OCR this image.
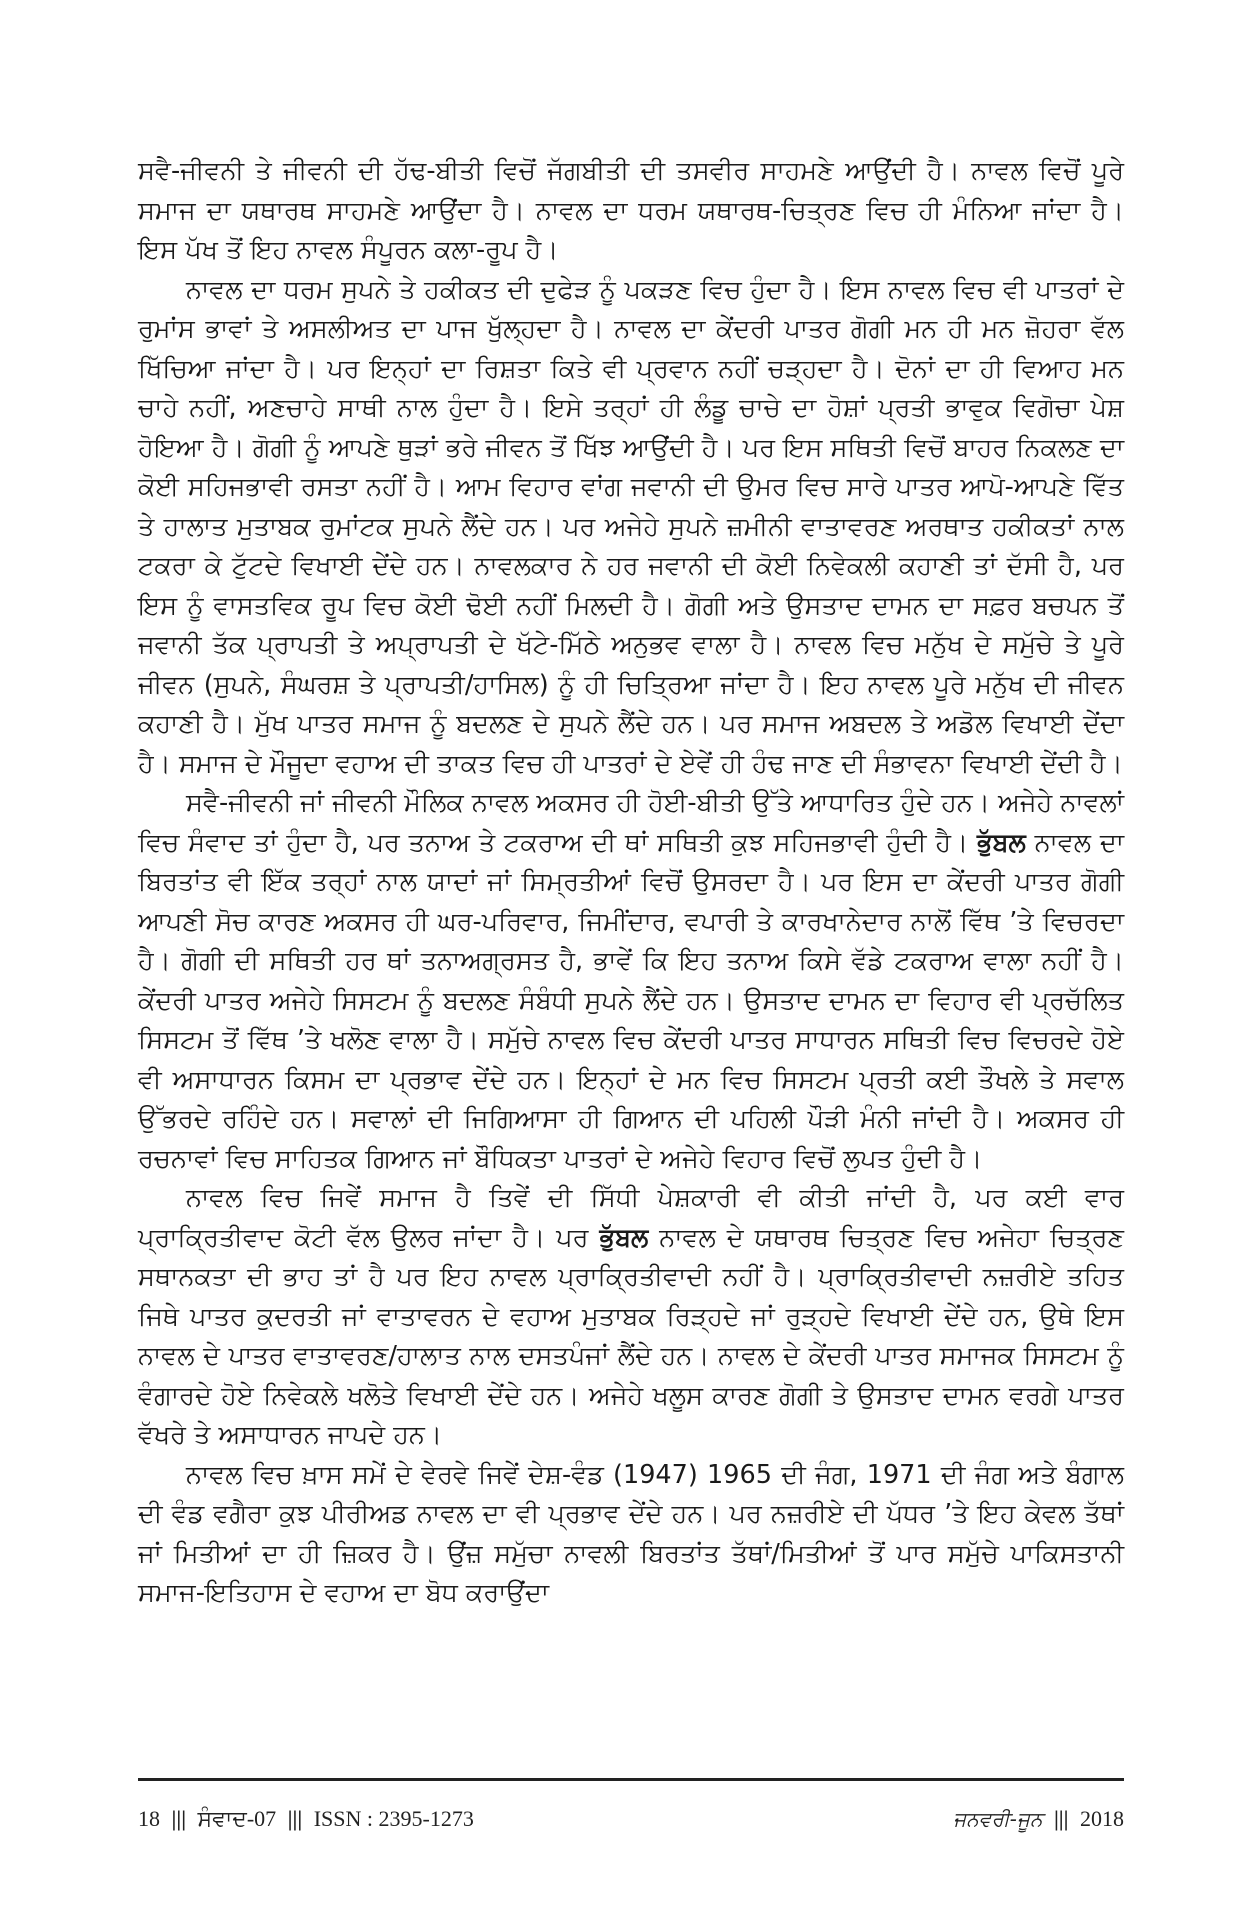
ਸਵੈ-ਜੀਵਨੀ ਤੇ ਜੀਵਨੀ ਦੀ ਹੱਢ-ਬੀਤੀ ਵਿਚੋਂ ਜੱਗਬੀਤੀ ਦੀ ਤਸਵੀਰ ਸਾਹਮਣੇ ਆਉਂਦੀ ਹੈ। ਨਾਵਲ ਵਿਚੋਂ ਪੂਰੇ ਸਮਾਜ ਦਾ ਯਥਾਰਥ ਸਾਹਮਣੇ ਆਉਂਦਾ ਹੈ। ਨਾਵਲ ਦਾ ਧਰਮ ਯਥਾਰਥ-ਚਿਤ੍ਰਣ ਵਿਚ ਹੀ ਮੰਨਿਆ ਜਾਂਦਾ ਹੈ। ਇਸ ਪੱਖ ਤੋਂ ਇਹ ਨਾਵਲ ਸੰਪੂਰਨ ਕਲਾ-ਰੂਪ ਹੈ।

ਨਾਵਲ ਦਾ ਧਰਮ ਸੁਪਨੇ ਤੇ ਹਕੀਕਤ ਦੀ ਦੁਫੇੜ ਨੂੰ ਪਕੜਣ ਵਿਚ ਹੁੰਦਾ ਹੈ। ਇਸ ਨਾਵਲ ਵਿਚ ਵੀ ਪਾਤਰਾਂ ਦੇ ਰੁਮਾਂਸ ਭਾਵਾਂ ਤੇ ਅਸਲੀਅਤ ਦਾ ਪਾਜ ਖੁੱਲ੍ਹਦਾ ਹੈ। ਨਾਵਲ ਦਾ ਕੇਂਦਰੀ ਪਾਤਰ ਗੋਗੀ ਮਨ ਹੀ ਮਨ ਜ਼ੋਹਰਾ ਵੱਲ ਖਿੱਚਿਆ ਜਾਂਦਾ ਹੈ। ਪਰ ਇਨ੍ਹਾਂ ਦਾ ਰਿਸ਼ਤਾ ਕਿਤੇ ਵੀ ਪ੍ਰਵਾਨ ਨਹੀਂ ਚੜ੍ਹਦਾ ਹੈ। ਦੋਨਾਂ ਦਾ ਹੀ ਵਿਆਹ ਮਨ ਚਾਹੇ ਨਹੀਂ, ਅਣਚਾਹੇ ਸਾਥੀ ਨਾਲ ਹੁੰਦਾ ਹੈ। ਇਸੇ ਤਰ੍ਹਾਂ ਹੀ ਲੰਡੂ ਚਾਚੇ ਦਾ ਹੋਸ਼ਾਂ ਪ੍ਰਤੀ ਭਾਵੁਕ ਵਿਗੋਚਾ ਪੇਸ਼ ਹੋਇਆ ਹੈ। ਗੋਗੀ ਨੂੰ ਆਪਣੇ ਥੁੜਾਂ ਭਰੇ ਜੀਵਨ ਤੋਂ ਖਿੱਝ ਆਉਂਦੀ ਹੈ। ਪਰ ਇਸ ਸਥਿਤੀ ਵਿਚੋਂ ਬਾਹਰ ਨਿਕਲਣ ਦਾ ਕੋਈ ਸਹਿਜਭਾਵੀ ਰਸਤਾ ਨਹੀਂ ਹੈ। ਆਮ ਵਿਹਾਰ ਵਾਂਗ ਜਵਾਨੀ ਦੀ ਉਮਰ ਵਿਚ ਸਾਰੇ ਪਾਤਰ ਆਪੋ-ਆਪਣੇ ਵਿੱਤ ਤੇ ਹਾਲਾਤ ਮੁਤਾਬਕ ਰੁਮਾਂਟਕ ਸੁਪਨੇ ਲੈਂਦੇ ਹਨ। ਪਰ ਅਜੇਹੇ ਸੁਪਨੇ ਜ਼ਮੀਨੀ ਵਾਤਾਵਰਣ ਅਰਥਾਤ ਹਕੀਕਤਾਂ ਨਾਲ ਟਕਰਾ ਕੇ ਟੁੱਟਦੇ ਵਿਖਾਈ ਦੇਂਦੇ ਹਨ। ਨਾਵਲਕਾਰ ਨੇ ਹਰ ਜਵਾਨੀ ਦੀ ਕੋਈ ਨਿਵੇਕਲੀ ਕਹਾਣੀ ਤਾਂ ਦੱਸੀ ਹੈ, ਪਰ ਇਸ ਨੂੰ ਵਾਸਤਵਿਕ ਰੂਪ ਵਿਚ ਕੋਈ ਢੋਈ ਨਹੀਂ ਮਿਲਦੀ ਹੈ। ਗੋਗੀ ਅਤੇ ਉਸਤਾਦ ਦਾਮਨ ਦਾ ਸਫ਼ਰ ਬਚਪਨ ਤੋਂ ਜਵਾਨੀ ਤੱਕ ਪ੍ਰਾਪਤੀ ਤੇ ਅਪ੍ਰਾਪਤੀ ਦੇ ਖੱਟੇ-ਮਿੱਠੇ ਅਨੁਭਵ ਵਾਲਾ ਹੈ। ਨਾਵਲ ਵਿਚ ਮਨੁੱਖ ਦੇ ਸਮੁੱਚੇ ਤੇ ਪੂਰੇ ਜੀਵਨ (ਸੁਪਨੇ, ਸੰਘਰਸ਼ ਤੇ ਪ੍ਰਾਪਤੀ/ਹਾਸਿਲ) ਨੂੰ ਹੀ ਚਿਤ੍ਰਿਆ ਜਾਂਦਾ ਹੈ। ਇਹ ਨਾਵਲ ਪੂਰੇ ਮਨੁੱਖ ਦੀ ਜੀਵਨ ਕਹਾਣੀ ਹੈ। ਮੁੱਖ ਪਾਤਰ ਸਮਾਜ ਨੂੰ ਬਦਲਣ ਦੇ ਸੁਪਨੇ ਲੈਂਦੇ ਹਨ। ਪਰ ਸਮਾਜ ਅਬਦਲ ਤੇ ਅਡੋਲ ਵਿਖਾਈ ਦੇਂਦਾ ਹੈ। ਸਮਾਜ ਦੇ ਮੌਜੂਦਾ ਵਹਾਅ ਦੀ ਤਾਕਤ ਵਿਚ ਹੀ ਪਾਤਰਾਂ ਦੇ ਏਵੇਂ ਹੀ ਹੰਢ ਜਾਣ ਦੀ ਸੰਭਾਵਨਾ ਵਿਖਾਈ ਦੇਂਦੀ ਹੈ।

ਸਵੈ-ਜੀਵਨੀ ਜਾਂ ਜੀਵਨੀ ਮੌਲਿਕ ਨਾਵਲ ਅਕਸਰ ਹੀ ਹੋਈ-ਬੀਤੀ ਉੱਤੇ ਆਧਾਰਿਤ ਹੁੰਦੇ ਹਨ। ਅਜੇਹੇ ਨਾਵਲਾਂ ਵਿਚ ਸੰਵਾਦ ਤਾਂ ਹੁੰਦਾ ਹੈ, ਪਰ ਤਨਾਅ ਤੇ ਟਕਰਾਅ ਦੀ ਥਾਂ ਸਥਿਤੀ ਕੁਝ ਸਹਿਜਭਾਵੀ ਹੁੰਦੀ ਹੈ। ਭੁੱਬਲ ਨਾਵਲ ਦਾ ਬਿਰਤਾਂਤ ਵੀ ਇੱਕ ਤਰ੍ਹਾਂ ਨਾਲ ਯਾਦਾਂ ਜਾਂ ਸਿਮ੍ਰਤੀਆਂ ਵਿਚੋਂ ਉਸਰਦਾ ਹੈ। ਪਰ ਇਸ ਦਾ ਕੇਂਦਰੀ ਪਾਤਰ ਗੋਗੀ ਆਪਣੀ ਸੋਚ ਕਾਰਣ ਅਕਸਰ ਹੀ ਘਰ-ਪਰਿਵਾਰ, ਜਿਮੀਂਦਾਰ, ਵਪਾਰੀ ਤੇ ਕਾਰਖਾਨੇਦਾਰ ਨਾਲੋਂ ਵਿੱਥ ’ਤੇ ਵਿਚਰਦਾ ਹੈ। ਗੋਗੀ ਦੀ ਸਥਿਤੀ ਹਰ ਥਾਂ ਤਨਾਅਗ੍ਰਸਤ ਹੈ, ਭਾਵੇਂ ਕਿ ਇਹ ਤਨਾਅ ਕਿਸੇ ਵੱਡੇ ਟਕਰਾਅ ਵਾਲਾ ਨਹੀਂ ਹੈ। ਕੇਂਦਰੀ ਪਾਤਰ ਅਜੇਹੇ ਸਿਸਟਮ ਨੂੰ ਬਦਲਣ ਸੰਬੰਧੀ ਸੁਪਨੇ ਲੈਂਦੇ ਹਨ। ਉਸਤਾਦ ਦਾਮਨ ਦਾ ਵਿਹਾਰ ਵੀ ਪ੍ਰਚੱਲਿਤ ਸਿਸਟਮ ਤੋਂ ਵਿੱਥ ’ਤੇ ਖਲੋਣ ਵਾਲਾ ਹੈ। ਸਮੁੱਚੇ ਨਾਵਲ ਵਿਚ ਕੇਂਦਰੀ ਪਾਤਰ ਸਾਧਾਰਨ ਸਥਿਤੀ ਵਿਚ ਵਿਚਰਦੇ ਹੋਏ ਵੀ ਅਸਾਧਾਰਨ ਕਿਸਮ ਦਾ ਪ੍ਰਭਾਵ ਦੇਂਦੇ ਹਨ। ਇਨ੍ਹਾਂ ਦੇ ਮਨ ਵਿਚ ਸਿਸਟਮ ਪ੍ਰਤੀ ਕਈ ਤੌਖਲੇ ਤੇ ਸਵਾਲ ਉੱਭਰਦੇ ਰਹਿੰਦੇ ਹਨ। ਸਵਾਲਾਂ ਦੀ ਜਿਗਿਆਸਾ ਹੀ ਗਿਆਨ ਦੀ ਪਹਿਲੀ ਪੌੜੀ ਮੰਨੀ ਜਾਂਦੀ ਹੈ। ਅਕਸਰ ਹੀ ਰਚਨਾਵਾਂ ਵਿਚ ਸਾਹਿਤਕ ਗਿਆਨ ਜਾਂ ਬੌਧਿਕਤਾ ਪਾਤਰਾਂ ਦੇ ਅਜੇਹੇ ਵਿਹਾਰ ਵਿਚੋਂ ਲੁਪਤ ਹੁੰਦੀ ਹੈ।

ਨਾਵਲ ਵਿਚ ਜਿਵੇਂ ਸਮਾਜ ਹੈ ਤਿਵੇਂ ਦੀ ਸਿੱਧੀ ਪੇਸ਼ਕਾਰੀ ਵੀ ਕੀਤੀ ਜਾਂਦੀ ਹੈ, ਪਰ ਕਈ ਵਾਰ ਪ੍ਰਾਕ੍ਰਿਤੀਵਾਦ ਕੋਟੀ ਵੱਲ ਉਲਰ ਜਾਂਦਾ ਹੈ। ਪਰ ਭੁੱਬਲ ਨਾਵਲ ਦੇ ਯਥਾਰਥ ਚਿਤ੍ਰਣ ਵਿਚ ਅਜੇਹਾ ਚਿਤ੍ਰਣ ਸਥਾਨਕਤਾ ਦੀ ਭਾਹ ਤਾਂ ਹੈ ਪਰ ਇਹ ਨਾਵਲ ਪ੍ਰਾਕ੍ਰਿਤੀਵਾਦੀ ਨਹੀਂ ਹੈ। ਪ੍ਰਾਕ੍ਰਿਤੀਵਾਦੀ ਨਜ਼ਰੀਏ ਤਹਿਤ ਜਿਥੇ ਪਾਤਰ ਕੁਦਰਤੀ ਜਾਂ ਵਾਤਾਵਰਨ ਦੇ ਵਹਾਅ ਮੁਤਾਬਕ ਰਿੜ੍ਹਦੇ ਜਾਂ ਰੁੜ੍ਹਦੇ ਵਿਖਾਈ ਦੇਂਦੇ ਹਨ, ਉਥੇ ਇਸ ਨਾਵਲ ਦੇ ਪਾਤਰ ਵਾਤਾਵਰਣ/ਹਾਲਾਤ ਨਾਲ ਦਸਤਪੰਜਾਂ ਲੈਂਦੇ ਹਨ। ਨਾਵਲ ਦੇ ਕੇਂਦਰੀ ਪਾਤਰ ਸਮਾਜਕ ਸਿਸਟਮ ਨੂੰ ਵੰਗਾਰਦੇ ਹੋਏ ਨਿਵੇਕਲੇ ਖਲੋਤੇ ਵਿਖਾਈ ਦੇਂਦੇ ਹਨ। ਅਜੇਹੇ ਖਲੂਸ ਕਾਰਣ ਗੋਗੀ ਤੇ ਉਸਤਾਦ ਦਾਮਨ ਵਰਗੇ ਪਾਤਰ ਵੱਖਰੇ ਤੇ ਅਸਾਧਾਰਨ ਜਾਪਦੇ ਹਨ।

ਨਾਵਲ ਵਿਚ ਖ਼ਾਸ ਸਮੇਂ ਦੇ ਵੇਰਵੇ ਜਿਵੇਂ ਦੇਸ਼-ਵੰਡ (1947) 1965 ਦੀ ਜੰਗ, 1971 ਦੀ ਜੰਗ ਅਤੇ ਬੰਗਾਲ ਦੀ ਵੰਡ ਵਗੈਰਾ ਕੁਝ ਪੀਰੀਅਡ ਨਾਵਲ ਦਾ ਵੀ ਪ੍ਰਭਾਵ ਦੇਂਦੇ ਹਨ। ਪਰ ਨਜ਼ਰੀਏ ਦੀ ਪੱਧਰ ’ਤੇ ਇਹ ਕੇਵਲ ਤੱਥਾਂ ਜਾਂ ਮਿਤੀਆਂ ਦਾ ਹੀ ਜ਼ਿਕਰ ਹੈ। ਉਂਜ਼ ਸਮੁੱਚਾ ਨਾਵਲੀ ਬਿਰਤਾਂਤ ਤੱਥਾਂ/ਮਿਤੀਆਂ ਤੋਂ ਪਾਰ ਸਮੁੱਚੇ ਪਾਕਿਸਤਾਨੀ ਸਮਾਜ-ਇਤਿਹਾਸ ਦੇ ਵਹਾਅ ਦਾ ਬੋਧ ਕਰਾਉਂਦਾ

18 ||| ਸੰਵਾਦ-07 ||| ISSN : 2395-1273	ਜਨਵਰੀ-ਜੂਨ ||| 2018
